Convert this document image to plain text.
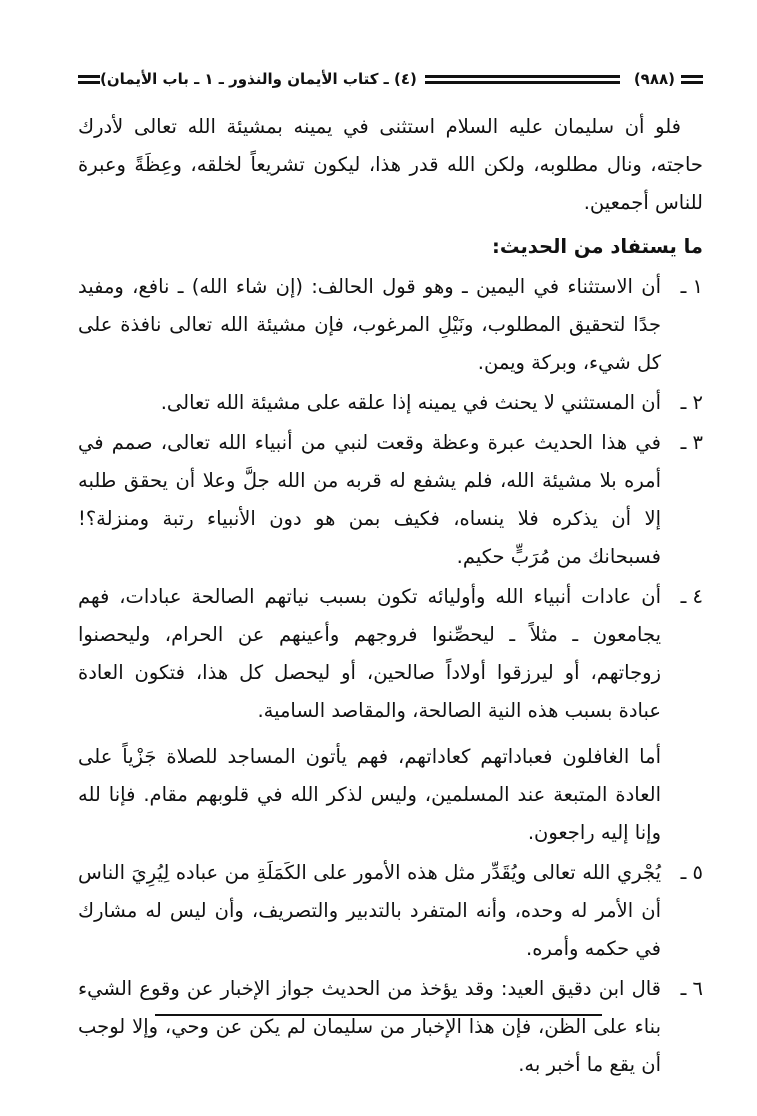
(٩٨٨)
(٤) ـ كتاب الأيمان والنذور ـ ١ ـ باب الأيمان)

فلو أن سليمان عليه السلام استثنى في يمينه بمشيئة الله تعالى لأدرك حاجته، ونال مطلوبه، ولكن الله قدر هذا، ليكون تشريعاً لخلقه، وعِظَةً وعبرة للناس أجمعين.

ما يستفاد من الحديث:
١ ـ
أن الاستثناء في اليمين ـ وهو قول الحالف: (إن شاء الله) ـ نافع، ومفيد جدًا لتحقيق المطلوب، ونَيْلِ المرغوب، فإن مشيئة الله تعالى نافذة على كل شيء، وبركة ويمن.
٢ ـ
أن المستثني لا يحنث في يمينه إذا علقه على مشيئة الله تعالى.
٣ ـ
في هذا الحديث عبرة وعظة وقعت لنبي من أنبياء الله تعالى، صمم في أمره بلا مشيئة الله، فلم يشفع له قربه من الله جلَّ وعلا أن يحقق طلبه إلا أن يذكره فلا ينساه، فكيف بمن هو دون الأنبياء رتبة ومنزلة؟! فسبحانك من مُرَبٍّ حكيم.
٤ ـ
أن عادات أنبياء الله وأوليائه تكون بسبب نياتهم الصالحة عبادات، فهم يجامعون ـ مثلاً ـ ليحصِّنوا فروجهم وأعينهم عن الحرام، وليحصنوا زوجاتهم، أو ليرزقوا أولاداً صالحين، أو ليحصل كل هذا، فتكون العادة عبادة بسبب هذه النية الصالحة، والمقاصد السامية.

أما الغافلون فعباداتهم كعاداتهم، فهم يأتون المساجد للصلاة جَزْياً على العادة المتبعة عند المسلمين، وليس لذكر الله في قلوبهم مقام. فإنا لله وإنا إليه راجعون.

٥ ـ
يُجْري الله تعالى ويُقَدِّر مثل هذه الأمور على الكَمَلَةِ من عباده لِيُرِيَ الناس أن الأمر له وحده، وأنه المتفرد بالتدبير والتصريف، وأن ليس له مشارك في حكمه وأمره.
٦ ـ
قال ابن دقيق العيد: وقد يؤخذ من الحديث جواز الإخبار عن وقوع الشيء بناء على الظن، فإن هذا الإخبار من سليمان لم يكن عن وحي، وإلا لوجب أن يقع ما أخبر به.
